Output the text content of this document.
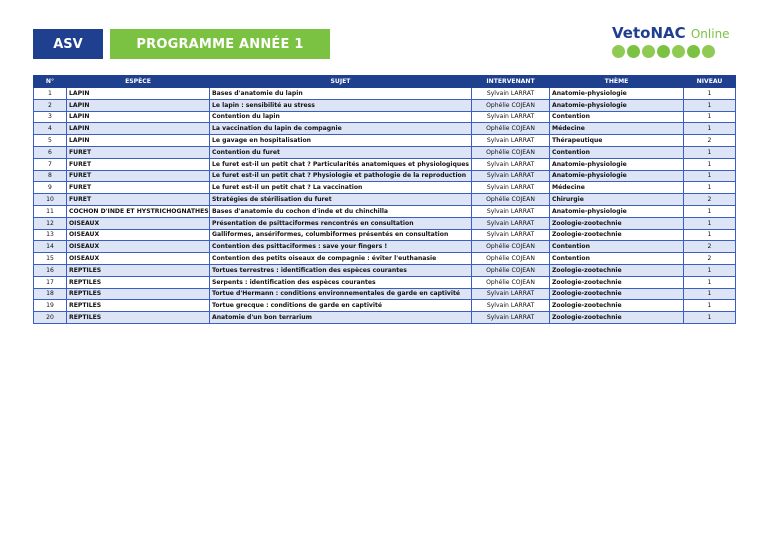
ASV	PROGRAMME ANNÉE 1
VetoNAC Online
N°	ESPÈCE	SUJET	INTERVENANT	THÈME	NIVEAU
1	LAPIN	Bases d'anatomie du lapin	Sylvain LARRAT	Anatomie-physiologie	1
2	LAPIN	Le lapin : sensibilité au stress	Ophélie COJEAN	Anatomie-physiologie	1
3	LAPIN	Contention du lapin	Sylvain LARRAT	Contention	1
4	LAPIN	La vaccination du lapin de compagnie	Ophélie COJEAN	Médecine	1
5	LAPIN	Le gavage en hospitalisation	Sylvain LARRAT	Thérapeutique	2
6	FURET	Contention du furet	Ophélie COJEAN	Contention	1
7	FURET	Le furet est-il un petit chat ? Particularités anatomiques et physiologiques	Sylvain LARRAT	Anatomie-physiologie	1
8	FURET	Le furet est-il un petit chat ? Physiologie et pathologie de la reproduction	Sylvain LARRAT	Anatomie-physiologie	1
9	FURET	Le furet est-il un petit chat ? La vaccination	Sylvain LARRAT	Médecine	1
10	FURET	Stratégies de stérilisation du furet	Ophélie COJEAN	Chirurgie	2
11	COCHON D'INDE ET HYSTRICHOGNATHES	Bases d'anatomie du cochon d'inde et du chinchilla	Sylvain LARRAT	Anatomie-physiologie	1
12	OISEAUX	Présentation de psittaciformes rencontrés en consultation	Sylvain LARRAT	Zoologie-zootechnie	1
13	OISEAUX	Galliformes, ansériformes, columbiformes présentés en consultation	Sylvain LARRAT	Zoologie-zootechnie	1
14	OISEAUX	Contention des psittaciformes : save your fingers !	Ophélie COJEAN	Contention	2
15	OISEAUX	Contention des petits oiseaux de compagnie : éviter l'euthanasie	Ophélie COJEAN	Contention	2
16	REPTILES	Tortues terrestres : identification des espèces courantes	Ophélie COJEAN	Zoologie-zootechnie	1
17	REPTILES	Serpents : identification des espèces courantes	Ophélie COJEAN	Zoologie-zootechnie	1
18	REPTILES	Tortue d'Hermann : conditions environnementales de garde en captivité	Sylvain LARRAT	Zoologie-zootechnie	1
19	REPTILES	Tortue grecque : conditions de garde en captivité	Sylvain LARRAT	Zoologie-zootechnie	1
20	REPTILES	Anatomie d'un bon terrarium	Sylvain LARRAT	Zoologie-zootechnie	1
